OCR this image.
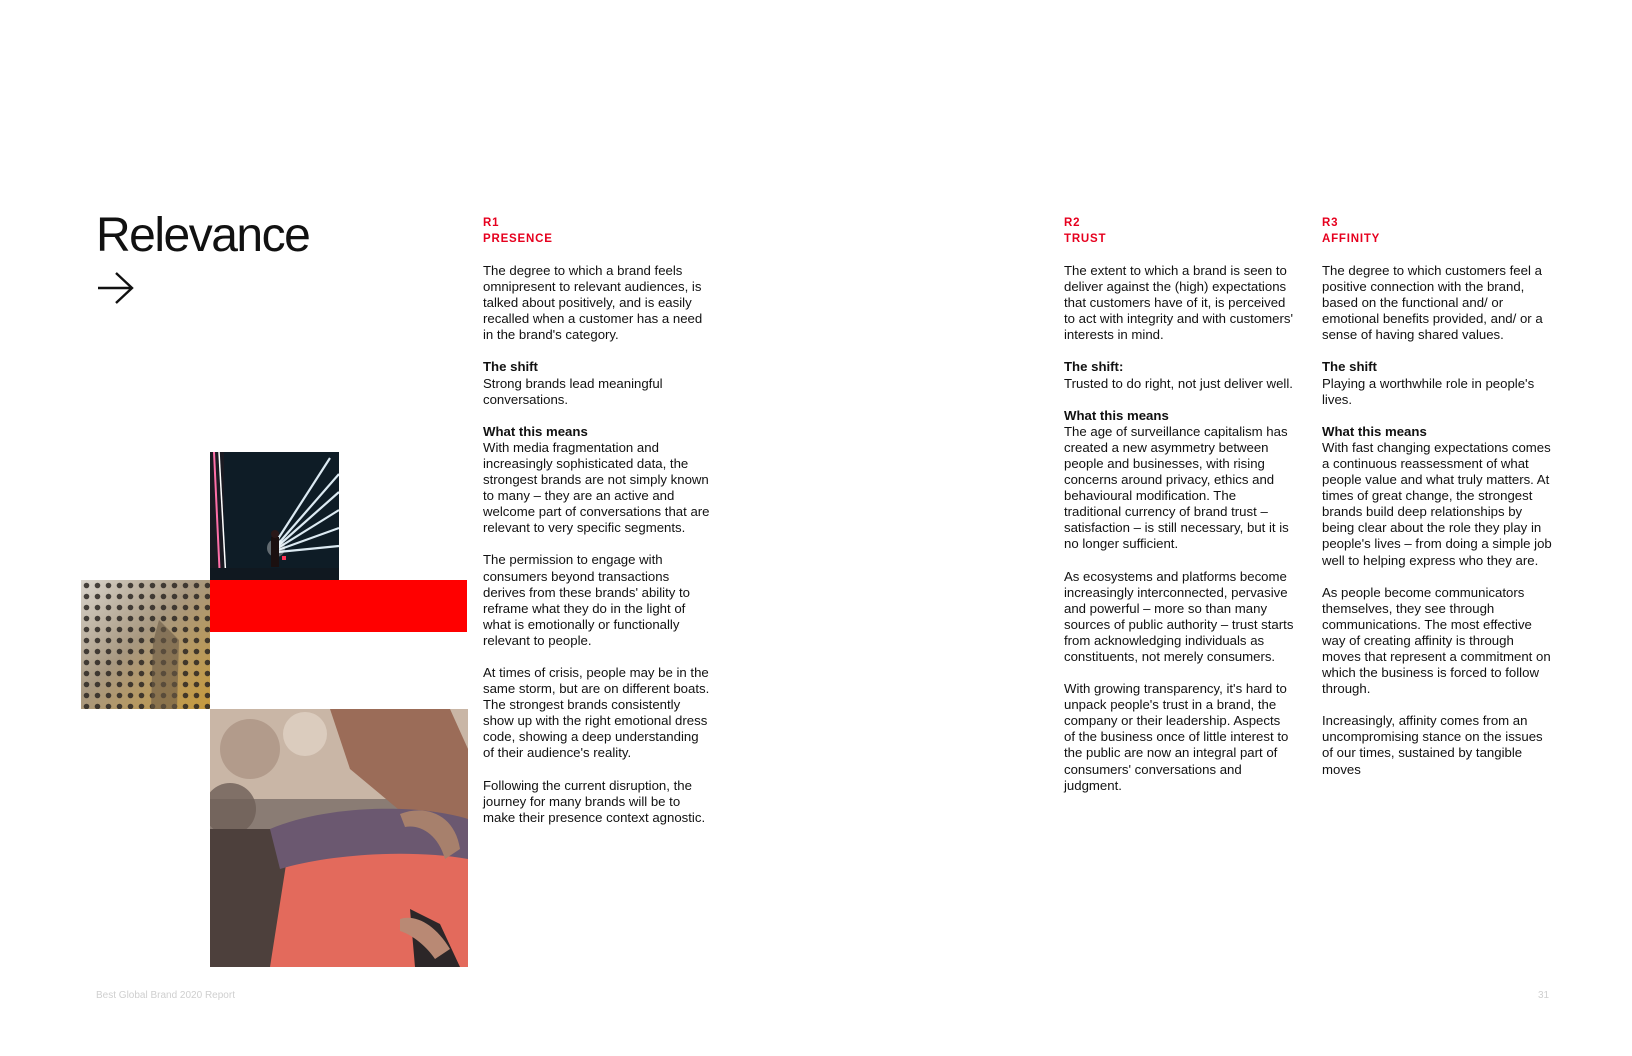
Relevance	R1
PRESENCE

The degree to which a brand feels omnipresent to relevant audiences, is talked about positively, and is easily recalled when a customer has a need in the brand's category.

The shift
Strong brands lead meaningful conversations.

What this means
With media fragmentation and increasingly sophisticated data, the strongest brands are not simply known to many – they are an active and welcome part of conversations that are relevant to very specific segments.

The permission to engage with consumers beyond transactions derives from these brands' ability to reframe what they do in the light of what is emotionally or functionally relevant to people.

At times of crisis, people may be in the same storm, but are on different boats. The strongest brands consistently show up with the right emotional dress code, showing a deep understanding of their audience's reality.

Following the current disruption, the journey for many brands will be to make their presence context agnostic.

R2
TRUST

The extent to which a brand is seen to deliver against the (high) expectations that customers have of it, is perceived to act with integrity and with customers' interests in mind.

The shift:
Trusted to do right, not just deliver well.

What this means
The age of surveillance capitalism has created a new asymmetry between people and businesses, with rising concerns around privacy, ethics and behavioural modification. The traditional currency of brand trust – satisfaction – is still necessary, but it is no longer sufficient.

As ecosystems and platforms become increasingly interconnected, pervasive and powerful – more so than many sources of public authority – trust starts from acknowledging individuals as constituents, not merely consumers.

With growing transparency, it's hard to unpack people's trust in a brand, the company or their leadership. Aspects of the business once of little interest to the public are now an integral part of consumers' conversations and judgment.

R3
AFFINITY

The degree to which customers feel a positive connection with the brand, based on the functional and/ or emotional benefits provided, and/ or a sense of having shared values.

The shift
Playing a worthwhile role in people's lives.

What this means
With fast changing expectations comes a continuous reassessment of what people value and what truly matters. At times of great change, the strongest brands build deep relationships by being clear about the role they play in people's lives – from doing a simple job well to helping express who they are.

As people become communicators themselves, they see through communications. The most effective way of creating affinity is through moves that represent a commitment on which the business is forced to follow through.

Increasingly, affinity comes from an uncompromising stance on the issues of our times, sustained by tangible moves

Best Global Brand 2020 Report	31
